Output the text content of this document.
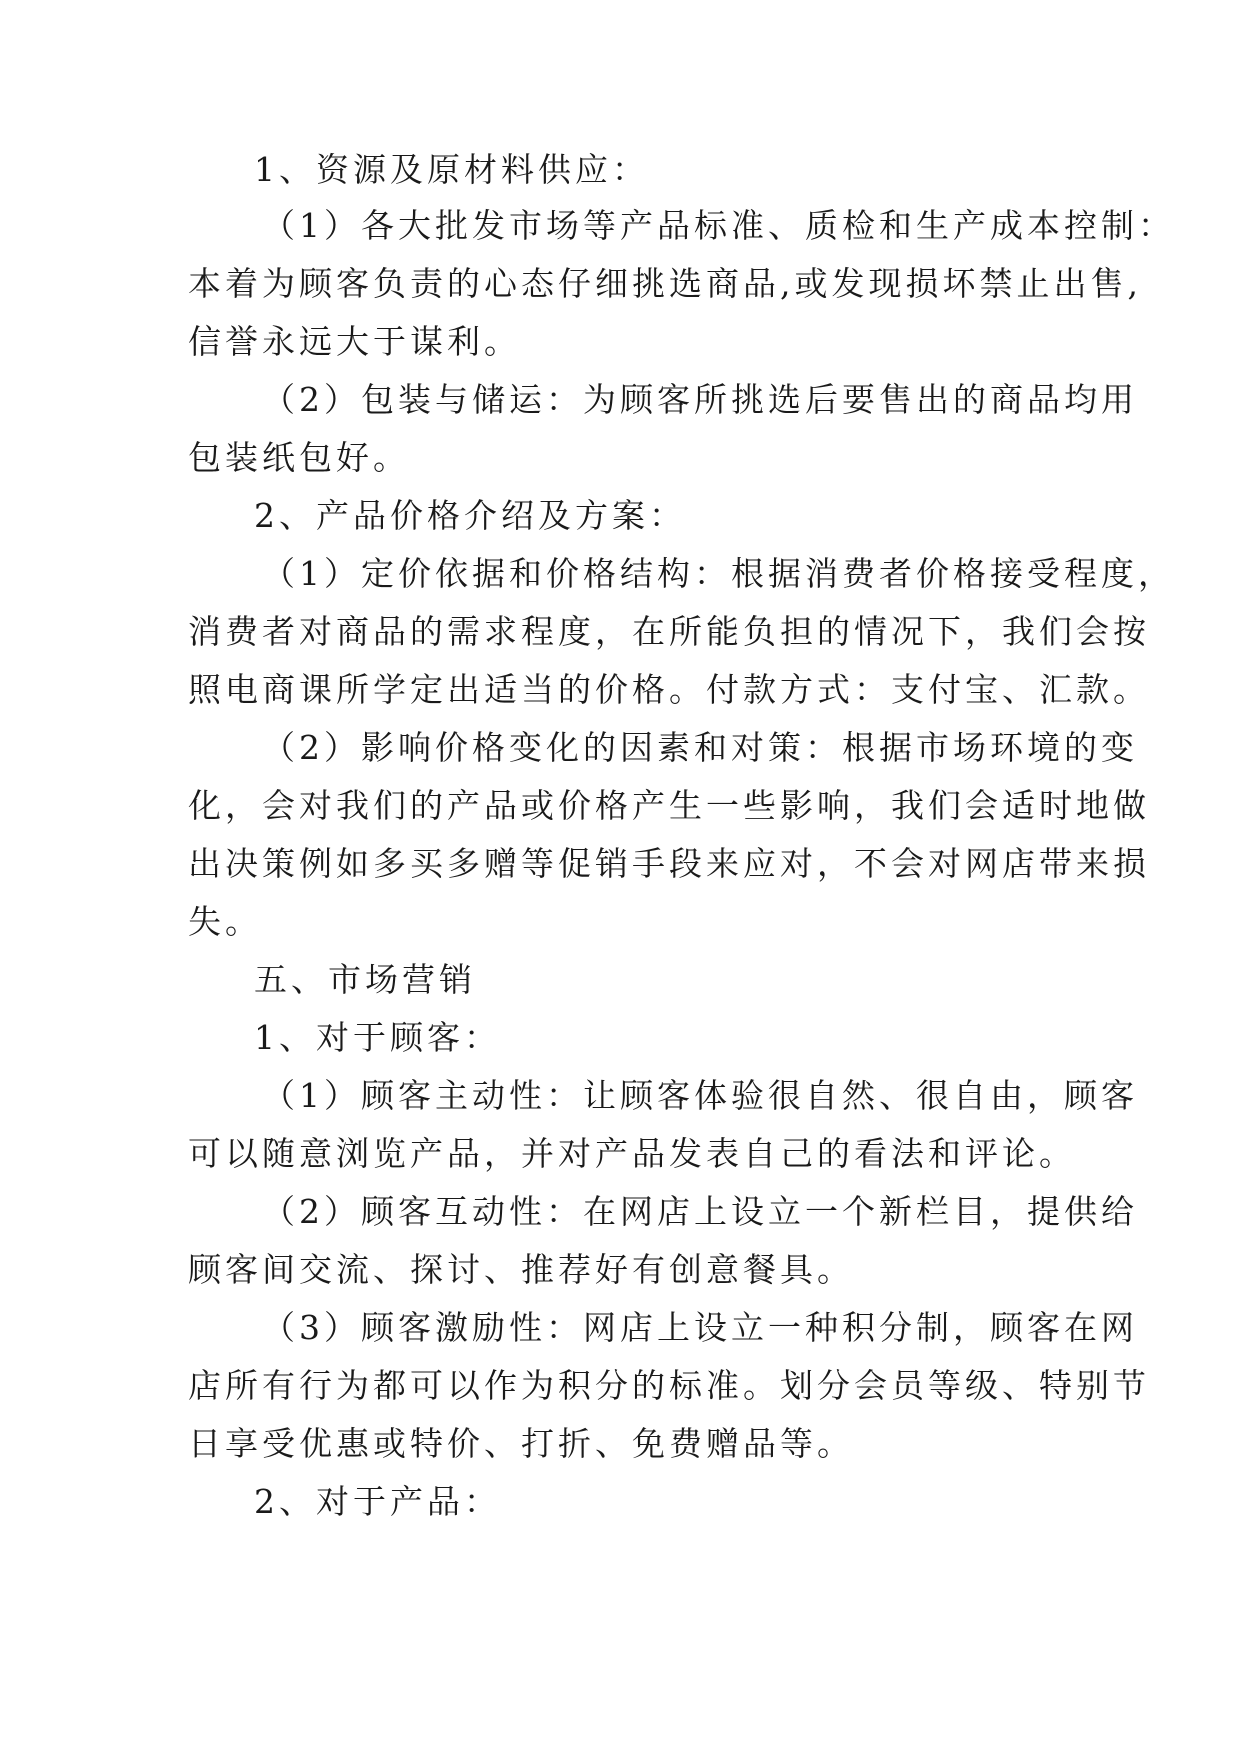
1、资源及原材料供应：
（1）各大批发市场等产品标准、质检和生产成本控制：
本着为顾客负责的心态仔细挑选商品,或发现损坏禁止出售,
信誉永远大于谋利。
（2）包装与储运：为顾客所挑选后要售出的商品均用
包装纸包好。
2、产品价格介绍及方案：
（1）定价依据和价格结构：根据消费者价格接受程度，
消费者对商品的需求程度，在所能负担的情况下，我们会按
照电商课所学定出适当的价格。付款方式：支付宝、汇款。
（2）影响价格变化的因素和对策：根据市场环境的变
化，会对我们的产品或价格产生一些影响，我们会适时地做
出决策例如多买多赠等促销手段来应对，不会对网店带来损
失。
五、市场营销
1、对于顾客：
（1）顾客主动性：让顾客体验很自然、很自由，顾客
可以随意浏览产品，并对产品发表自己的看法和评论。
（2）顾客互动性：在网店上设立一个新栏目，提供给
顾客间交流、探讨、推荐好有创意餐具。
（3）顾客激励性：网店上设立一种积分制，顾客在网
店所有行为都可以作为积分的标准。划分会员等级、特别节
日享受优惠或特价、打折、免费赠品等。
2、对于产品：
